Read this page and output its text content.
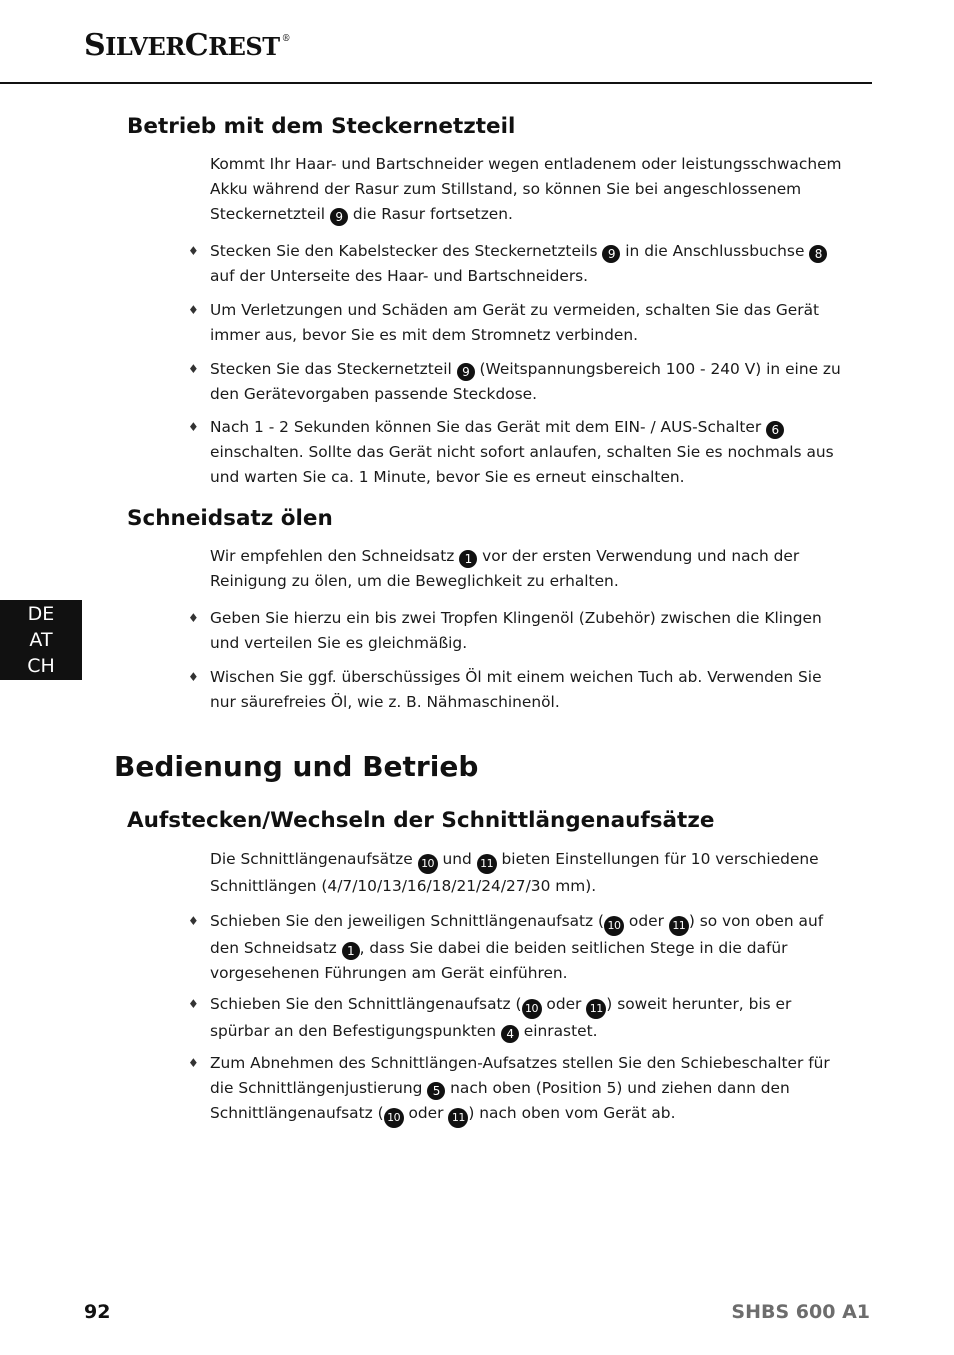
SILVERCREST ®
Betrieb mit dem Steckernetzteil

Kommt Ihr Haar- und Bartschneider wegen entladenem oder leistungsschwachem Akku während der Rasur zum Stillstand, so können Sie bei angeschlossenem Steckernetzteil 9 die Rasur fortsetzen.

♦ Stecken Sie den Kabelstecker des Steckernetzteils 9 in die Anschlussbuchse 8 auf der Unterseite des Haar- und Bartschneiders.
♦ Um Verletzungen und Schäden am Gerät zu vermeiden, schalten Sie das Gerät immer aus, bevor Sie es mit dem Stromnetz verbinden.
♦ Stecken Sie das Steckernetzteil 9 (Weitspannungsbereich 100 - 240 V) in eine zu den Gerätevorgaben passende Steckdose.
♦ Nach 1 - 2 Sekunden können Sie das Gerät mit dem EIN- / AUS-Schalter 6 einschalten. Sollte das Gerät nicht sofort anlaufen, schalten Sie es nochmals aus und warten Sie ca. 1 Minute, bevor Sie es erneut einschalten.
Schneidsatz ölen

Wir empfehlen den Schneidsatz 1 vor der ersten Verwendung und nach der Reinigung zu ölen, um die Beweglichkeit zu erhalten.

♦ Geben Sie hierzu ein bis zwei Tropfen Klingenöl (Zubehör) zwischen die Klingen und verteilen Sie es gleichmäßig.
♦ Wischen Sie ggf. überschüssiges Öl mit einem weichen Tuch ab. Verwenden Sie nur säurefreies Öl, wie z. B. Nähmaschinenöl.
Bedienung und Betrieb
Aufstecken/Wechseln der Schnittlängenaufsätze

Die Schnittlängenaufsätze 10 und 11 bieten Einstellungen für 10 verschiedene Schnittlängen (4/7/10/13/16/18/21/24/27/30 mm).

♦ Schieben Sie den jeweiligen Schnittlängenaufsatz ( 10 oder 11 ) so von oben auf den Schneidsatz 1 , dass Sie dabei die beiden seitlichen Stege in die dafür vorgesehenen Führungen am Gerät einführen.
♦ Schieben Sie den Schnittlängenaufsatz ( 10 oder 11 ) soweit herunter, bis er spürbar an den Befestigungspunkten 4 einrastet.
♦ Zum Abnehmen des Schnittlängen-Aufsatzes stellen Sie den Schiebeschalter für die Schnittlängenjustierung 5 nach oben (Position 5) und ziehen dann den Schnittlängenaufsatz ( 10 oder 11 ) nach oben vom Gerät ab.
DE
AT
CH
92	SHBS 600 A1
